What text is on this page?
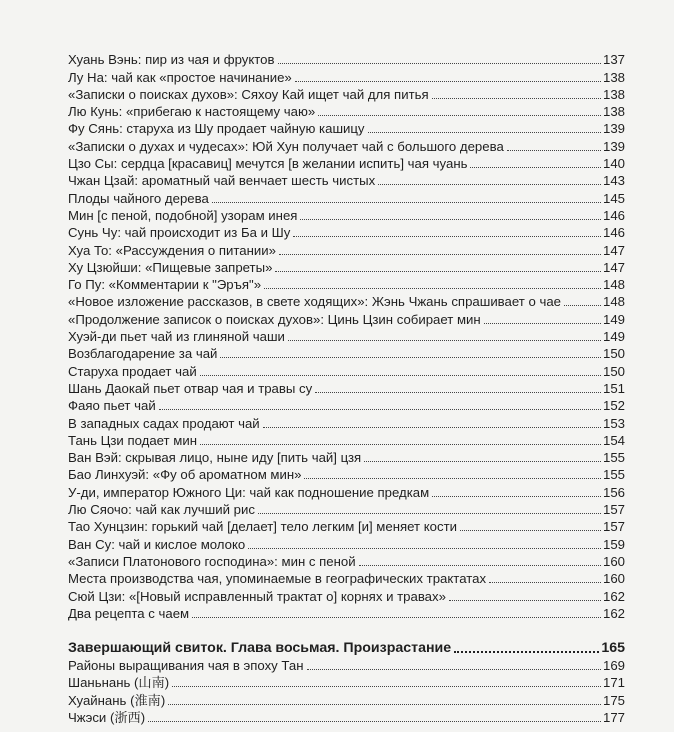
Хуань Вэнь: пир из чая и фруктов	137
Лу На: чай как «простое начинание»	138
«Записки о поисках духов»: Сяхоу Кай ищет чай для питья	138
Лю Кунь: «прибегаю к настоящему чаю»	138
Фу Сянь: старуха из Шу продает чайную кашицу	139
«Записки о духах и чудесах»: Юй Хун получает чай с большого дерева	139
Цзо Сы: сердца [красавиц] мечутся [в желании испить] чая чуань	140
Чжан Цзай: ароматный чай венчает шесть чистых	143
Плоды чайного дерева	145
Мин [с пеной, подобной] узорам инея	146
Сунь Чу: чай происходит из Ба и Шу	146
Хуа То: «Рассуждения о питании»	147
Ху Цзюйши: «Пищевые запреты»	147
Го Пу: «Комментарии к "Эръя"»	148
«Новое изложение рассказов, в свете ходящих»: Жэнь Чжань спрашивает о чае	148
«Продолжение записок о поисках духов»: Цинь Цзин собирает мин	149
Хуэй-ди пьет чай из глиняной чаши	149
Возблагодарение за чай	150
Старуха продает чай	150
Шань Даокай пьет отвар чая и травы су	151
Фаяо пьет чай	152
В западных садах продают чай	153
Тань Цзи подает мин	154
Ван Вэй: скрывая лицо, ныне иду [пить чай] цзя	155
Бао Линхуэй: «Фу об ароматном мин»	155
У-ди, император Южного Ци: чай как подношение предкам	156
Лю Сяочо: чай как лучший рис	157
Тао Хунцзин: горький чай [делает] тело легким [и] меняет кости	157
Ван Су: чай и кислое молоко	159
«Записи Платонового господина»: мин с пеной	160
Места производства чая, упоминаемые в географических трактатах	160
Сюй Цзи: «[Новый исправленный трактат о] корнях и травах»	162
Два рецепта с чаем	162
Завершающий свиток. Глава восьмая. Произрастание	165
Районы выращивания чая в эпоху Тан	169
Шаньнань (山南)	171
Хуайнань (淮南)	175
Чжэси (浙西)	177
